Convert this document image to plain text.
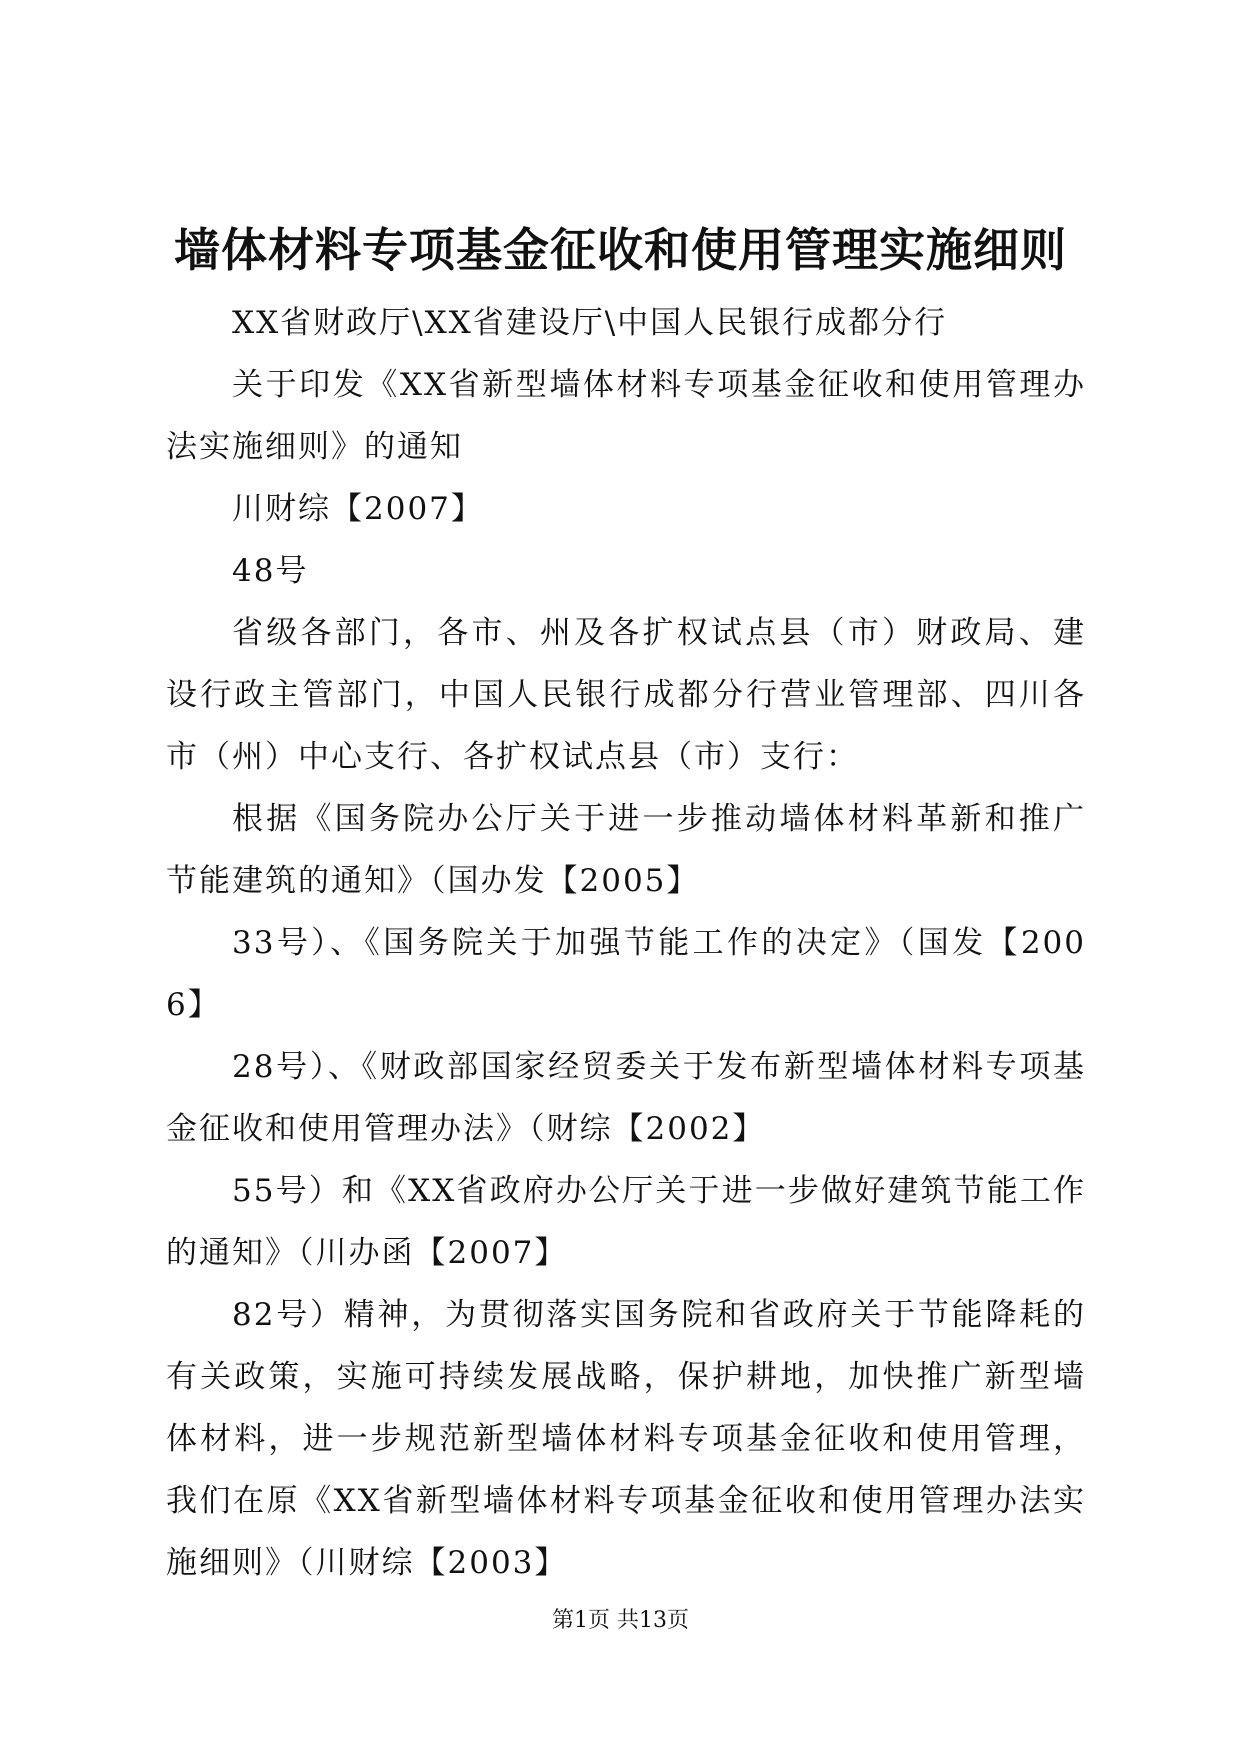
墙体材料专项基金征收和使用管理实施细则

XX省财政厅\XX省建设厅\中国人民银行成都分行

关于印发《XX省新型墙体材料专项基金征收和使用管理办法实施细则》的通知

川财综【2007】

48号

省级各部门，各市、州及各扩权试点县（市）财政局、建设行政主管部门，中国人民银行成都分行营业管理部、四川各市（州）中心支行、各扩权试点县（市）支行：

根据《国务院办公厅关于进一步推动墙体材料革新和推广节能建筑的通知》（国办发【2005】

33号）、《国务院关于加强节能工作的决定》（国发【2006】

28号）、《财政部国家经贸委关于发布新型墙体材料专项基金征收和使用管理办法》（财综【2002】

55号）和《XX省政府办公厅关于进一步做好建筑节能工作的通知》（川办函【2007】

82号）精神，为贯彻落实国务院和省政府关于节能降耗的有关政策，实施可持续发展战略，保护耕地，加快推广新型墙体材料，进一步规范新型墙体材料专项基金征收和使用管理，我们在原《XX省新型墙体材料专项基金征收和使用管理办法实施细则》（川财综【2003】

第1页 共13页
